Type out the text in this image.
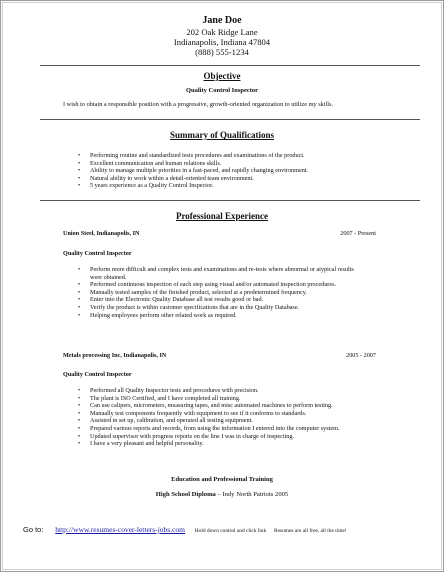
Jane Doe
202 Oak Ridge Lane
Indianapolis, Indiana 47804
(888) 555-1234
Objective
Quality Control Inspector
I wish to obtain a responsible position with a progressive, growth-oriented organization to utilize my skills.
Summary of Qualifications
• Performing routine and standardized tests procedures and examinations of the product.
• Excellent communication and human relations skills.
• Ability to manage multiple priorities in a fast-paced, and rapidly changing environment.
• Natural ability to work within a detail-oriented team environment.
• 5 years experience as a Quality Control Inspector.
Professional Experience
Union Steel, Indianapolis, IN	2007 - Present
Quality Control Inspector
• Perform more difficult and complex tests and examinations and re-tests where abnormal or atypical results were obtained.
• Performed continuous inspection of each step using visual and/or automated inspection procedures.
• Manually tested samples of the finished product, selected at a predetermined frequency.
• Enter into the Electronic Quality Database all test results good or bad.
• Verify the product is within customer specifications that are in the Quality Database.
• Helping employees perform other related work as required.
Metals processing Inc, Indianapolis, IN	2005 - 2007
Quality Control Inspector
• Performed all Quality Inspector tests and procedures with precision.
• The plant is ISO Certified, and I have completed all training.
• Can use calipers, micrometers, measuring tapes, and misc automated machines to perform testing.
• Manually test components frequently with equipment to see if it conforms to standards.
• Assisted in set up, calibration, and operated all testing equipment.
• Prepared various reports and records, from using the information I entered into the computer system.
• Updated supervisor with progress reports on the line I was in charge of inspecting.
• I have a very pleasant and helpful personality.
Education and Professional Training
High School Diploma – Indy North Patriots 2005
Go to: http://www.resumes-cover-letters-jobs.com Hold down control and click link Resumes are all free, all the time!
